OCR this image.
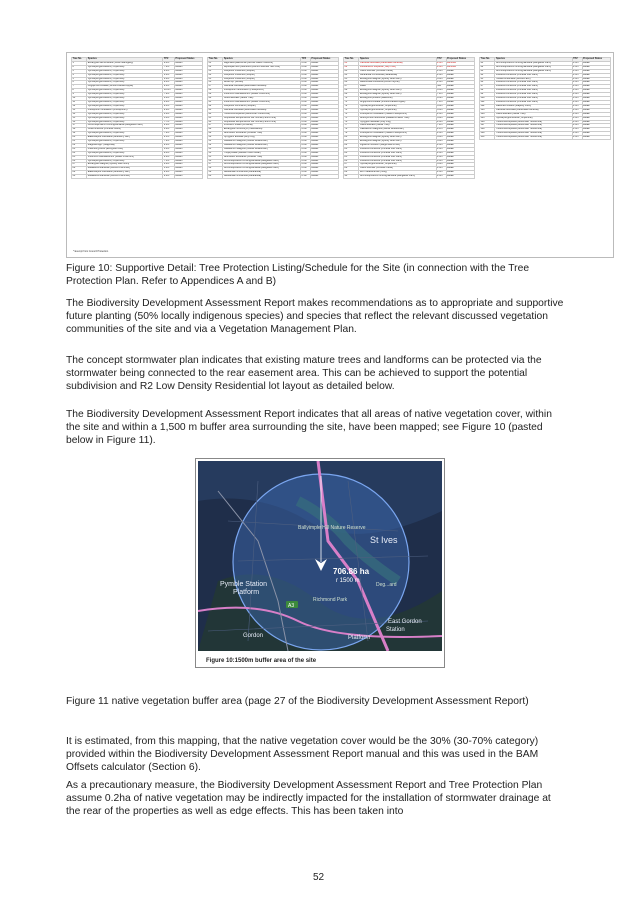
Tree No.	Species	TPZ	Proposed Status
1	Eucalyptus acmenoides (White Mahogany)	8.4m	Retain
2	Syncarpia glomulifera (Turpentine)	7.2m	Retain
3	Syncarpia glomulifera (Turpentine)	8.4m	Retain
4	Syncarpia glomulifera (Turpentine)	6.6m	Retain
5	Syncarpia glomulifera (Turpentine)	6.0m	Retain
6	Syncarpia glomulifera (Turpentine)	8.4m	Retain
7	Angophora costata (Smooth-barked Apple)	9.6m	Retain
8	Syncarpia glomulifera (Turpentine)	10.1m	Retain
9	Syncarpia glomulifera (Turpentine)	7.2m	Retain
10	Syncarpia glomulifera (Turpentine)	6.0m	Retain
11	Syncarpia glomulifera (Turpentine)	6.0m	Retain
12	Syncarpia glomulifera (Turpentine)	8.1m	Retain
13	Pittosporum undulatum (Pittosporum)	2.0m	Retain
14	Syncarpia glomulifera (Turpentine)	3.6m	Retain
15	Syncarpia glomulifera (Turpentine)	5.4m	Retain
16	Syncarpia glomulifera (Turpentine)	7.7m	Retain
17	Archontophoenix cunninghamiana (Bangalow Palm)	2.0m	Retain
18	Celtis sinensis (Chinese Celtis)	6.0m	Retain
19	Syncarpia glomulifera (Turpentine)	7.2m	Retain
20	Elaeocarpus reticulatus (Blueberry Ash)	2.1m	Retain
21	Syncarpia glomulifera (Turpentine)	7.2m	Retain
22	Magnolia spp. (Magnolia)	2.4m	Retain
23	Fraxinus griffithii (Evergreen Ash)	3.4m	Retain
24	Syncarpia glomulifera (Turpentine)	8.4m	Retain
25	Viburnum odoratissimum (Sweet Viburnum)	2.0m	Retain
26	Syncarpia glomulifera (Turpentine)	7.1m	Retain
27	Eucalyptus saligna (Sydney Blue Gum)	6.0m	Retain
28	Melaleuca linariifolia (Snow-in-Summer)	3.6m	Retain
29	Elaeocarpus reticulatus (Blueberry Ash)	2.0m	Retain
30	Melaleuca linariifolia (Snow-in-Summer)	2.0m	Retain
Tree No.	Species	TPZ	Proposed Status
31	Lagunaria patersonia (Norfolk Island Hibiscus)	2.0m	Retain
32	Leptospermum petersonii (Lemon-Scented Tea Tree)	2.0m	Retain
33	Juniperus chinensis (Juniper)	2.0m	Retain
34	Juniperus chinensis (Juniper)	2.0m	Retain
35	Juniperus chinensis (Juniper)	2.0m	Retain
36	Buxus sp. (Boxus)	2.0m	Retain
37	Camellia reticulata (Reticulata Camellia)	2.0m	Retain
38	Pittosporum tenuifolium (Pittosporum)	2.0m	Retain
39	Viburnum odoratissimum (Sweet Viburnum)	2.0m	Retain
40	Celtis australis (Nettle Tree)	2.0m	Retain
41	Viburnum odoratissimum (Sweet Viburnum)	2.0m	Retain
42	Juniperus communis (Juniper)	2.0m	Retain
43	Camellia reticulata (Reticulata Camellia)	2.0m	Retain
44	Tibouchina lepidota (Alstonville Tibouchina)	2.0m	Retain
45	Cupressus sempervirens var. stricta (Pencil Pine)	2.0m	Retain
46	Cupressus sempervirens var. stricta (Pencil Pine)	2.0m	Retain
47	Photinia x fraseri (Photinia)	2.0m	Retain
48	Eucalyptus microcorys (Tallowwood)	6.6m	Retain
49	Glochidion ferdinandi (Cheese Tree)	6.0m	Retain
50	Syzygium australe (Lilly Pilly)	2.0m	Retain
51	Callistemon salignus (Willow Bottlebrush)	2.0m	Retain
52	Callistemon salignus (Willow Bottlebrush)	2.0m	Retain
53	Callistemon salignus (Willow Bottlebrush)	2.0m	Retain
54	Thuja plicata (Western Red Cedar)	2.0m	Retain
55	Glochidion ferdinandi (Cheese Tree)	6.0m	Retain
56	Archontophoenix cunninghamiana (Bangalow Palm)	2.0m	Retain
57	Archontophoenix cunninghamiana (Bangalow Palm)	2.0m	Retain
58	Archontophoenix cunninghamiana (Bangalow Palm)	2.0m	Retain
59	Jacaranda mimosifolia (Jacaranda)	6.0m	Retain
60	Jacaranda mimosifolia (Jacaranda)	2.1m	Retain
Tree No.	Species	TPZ	Proposed Status
61	Camellia reticulata (Reticulata Camellia)	2.0m	Remove
62	Liriodendron tulipifera (Tulip Tree)	2.0m	Remove
63	Celtis sinensis (Chinese Celtis)	2.0m	Retain
64	Jacaranda mimosifolia (Jacaranda)	2.0m	Retain
65	Eucalyptus saligna (Sydney Blue Gum)	6.0m	Retain
66	Backhousia citriodora (Lemon Myrtle)	2.0m	Retain
67	Dead	N/A	Retain
68	Eucalyptus saligna (Sydney Blue Gum)	6.0m	Retain
69	Eucalyptus saligna (Sydney Blue Gum)	7.2m	Retain
70	Eucalyptus pilularis (Blackbutt)	8.4m	Retain
71	Angophora costata (Smooth-barked Apple)	7.2m	Retain
72	Syncarpia glomulifera (Turpentine)	6.0m	Retain
73	Syncarpia glomulifera (Turpentine)	6.0m	Retain
74	Pittosporum undulatum (Sweet Pittosporum)	2.0m	Retain
75	Brachychiton acerifolius (Illawarra Flame Tree)	4.8m	Retain
76	Syzygium australe (Lilly Pilly)	2.0m	Retain
77	Celtis australis (Nettle Tree)	7.2m	Retain
78	Callistemon salignus (Willow Bottlebrush)	2.1m	Retain
79	Pittosporum undulatum (Sweet Pittosporum)	2.0m	Retain
80	Eucalyptus saligna (Sydney Blue Gum)	6.0m	Retain
81	Eucalyptus saligna (Sydney Blue Gum)	4.8m	Retain
82	Ligustrum lucidum (Large-Leaf Privet)	2.0m	Retain
83	Livistona chinensis (Chinese Fan Palm)	2.0m	Retain
84	Livistona chinensis (Chinese Fan Palm)	2.0m	Retain
85	Livistona chinensis (Chinese Fan Palm)	2.0m	Retain
86	Livistona chinensis (Chinese Fan Palm)	2.0m	Retain
87	Syncarpia glomulifera (Turpentine)	6.0m	Retain
88	Celtis sinensis (Chinese Celtis)	2.0m	Retain
89	Ilex x altaclerensis (Holly)	2.0m	Retain
90	Archontophoenix cunninghamiana (Bangalow Palm)	2.0m	Retain
Tree No.	Species	TPZ	Proposed Status
91	Archontophoenix cunninghamiana (Bangalow Palm)	2.0m	Retain
92	Archontophoenix cunninghamiana (Bangalow Palm)	2.0m	Retain
93	Archontophoenix cunninghamiana (Bangalow Palm)	2.0m	Retain
94	Livistona chinensis (Chinese Fan Palm)	2.0m	Retain
95	Howea forsteriana (Kentia Palm)	2.0m	Retain
96	Livistona chinensis (Chinese Fan Palm)	2.0m	Retain
97	Livistona chinensis (Chinese Fan Palm)	2.0m	Retain
98	Livistona chinensis (Chinese Fan Palm)	2.0m	Retain
99	Livistona chinensis (Chinese Fan Palm)	2.0m	Retain
100	Livistona chinensis (Chinese Fan Palm)	2.0m	Retain
101	Livistona chinensis (Chinese Fan Palm)	2.0m	Retain
102	Ravenea rivularis (Majesty Palm)	2.0m	Retain
103	Camellia reticulata (Reticulata Camellia)	2.0m	Retain
104	Celtis australis (Nettle Tree)	2.0m	Retain
105	Syncarpia glomulifera (Turpentine)	2.0m	Retain
106	Tibouchina lepidota (Alstonville Tibouchina)	2.0m	Retain
107	Tibouchina lepidota (Alstonville Tibouchina)	2.0m	Retain
108	Tibouchina lepidota (Alstonville Tibouchina)	2.0m	Retain
109	Tibouchina lepidota (Alstonville Tibouchina)	2.0m	Retain
110	Tibouchina lepidota (Alstonville Tibouchina)	2.0m	Retain
* Exempt from Council Protection

Figure 10: Supportive Detail: Tree Protection Listing/Schedule for the Site (in connection with the Tree Protection Plan. Refer to Appendices A and B)

The Biodiversity Development Assessment Report makes recommendations as to appropriate and supportive future planting (50% locally indigenous species) and species that reflect the relevant discussed vegetation communities of the site and via a Vegetation Management Plan.

The concept stormwater plan indicates that existing mature trees and landforms can be protected via the stormwater being connected to the rear easement area. This can be achieved to support the potential subdivision and R2 Low Density Residential lot layout as detailed below.

The Biodiversity Development Assessment Report indicates that all areas of native vegetation cover, within the site and within a 1,500 m buffer area surrounding the site, have been mapped; see Figure 10 (pasted below in Figure 11).

706.86 ha
r 1500 m
Pymble Station
Platform
St Ives
Ballyimple Hill Nature Reserve
Richmond Park
Deg...ard
East Gordon
Station
Platform
Gordon
A3
Figure 10:1500m buffer area of the site

Figure 11 native vegetation buffer area (page 27 of the Biodiversity Development Assessment Report)

It is estimated, from this mapping, that the native vegetation cover would be the 30% (30-70% category) provided within the Biodiversity Development Assessment Report manual and this was used in the BAM Offsets calculator (Section 6).

As a precautionary measure, the Biodiversity Development Assessment Report and Tree Protection Plan assume 0.2ha of native vegetation may be indirectly impacted for the installation of stormwater drainage at the rear of the properties as well as edge effects. This has been taken into

52
